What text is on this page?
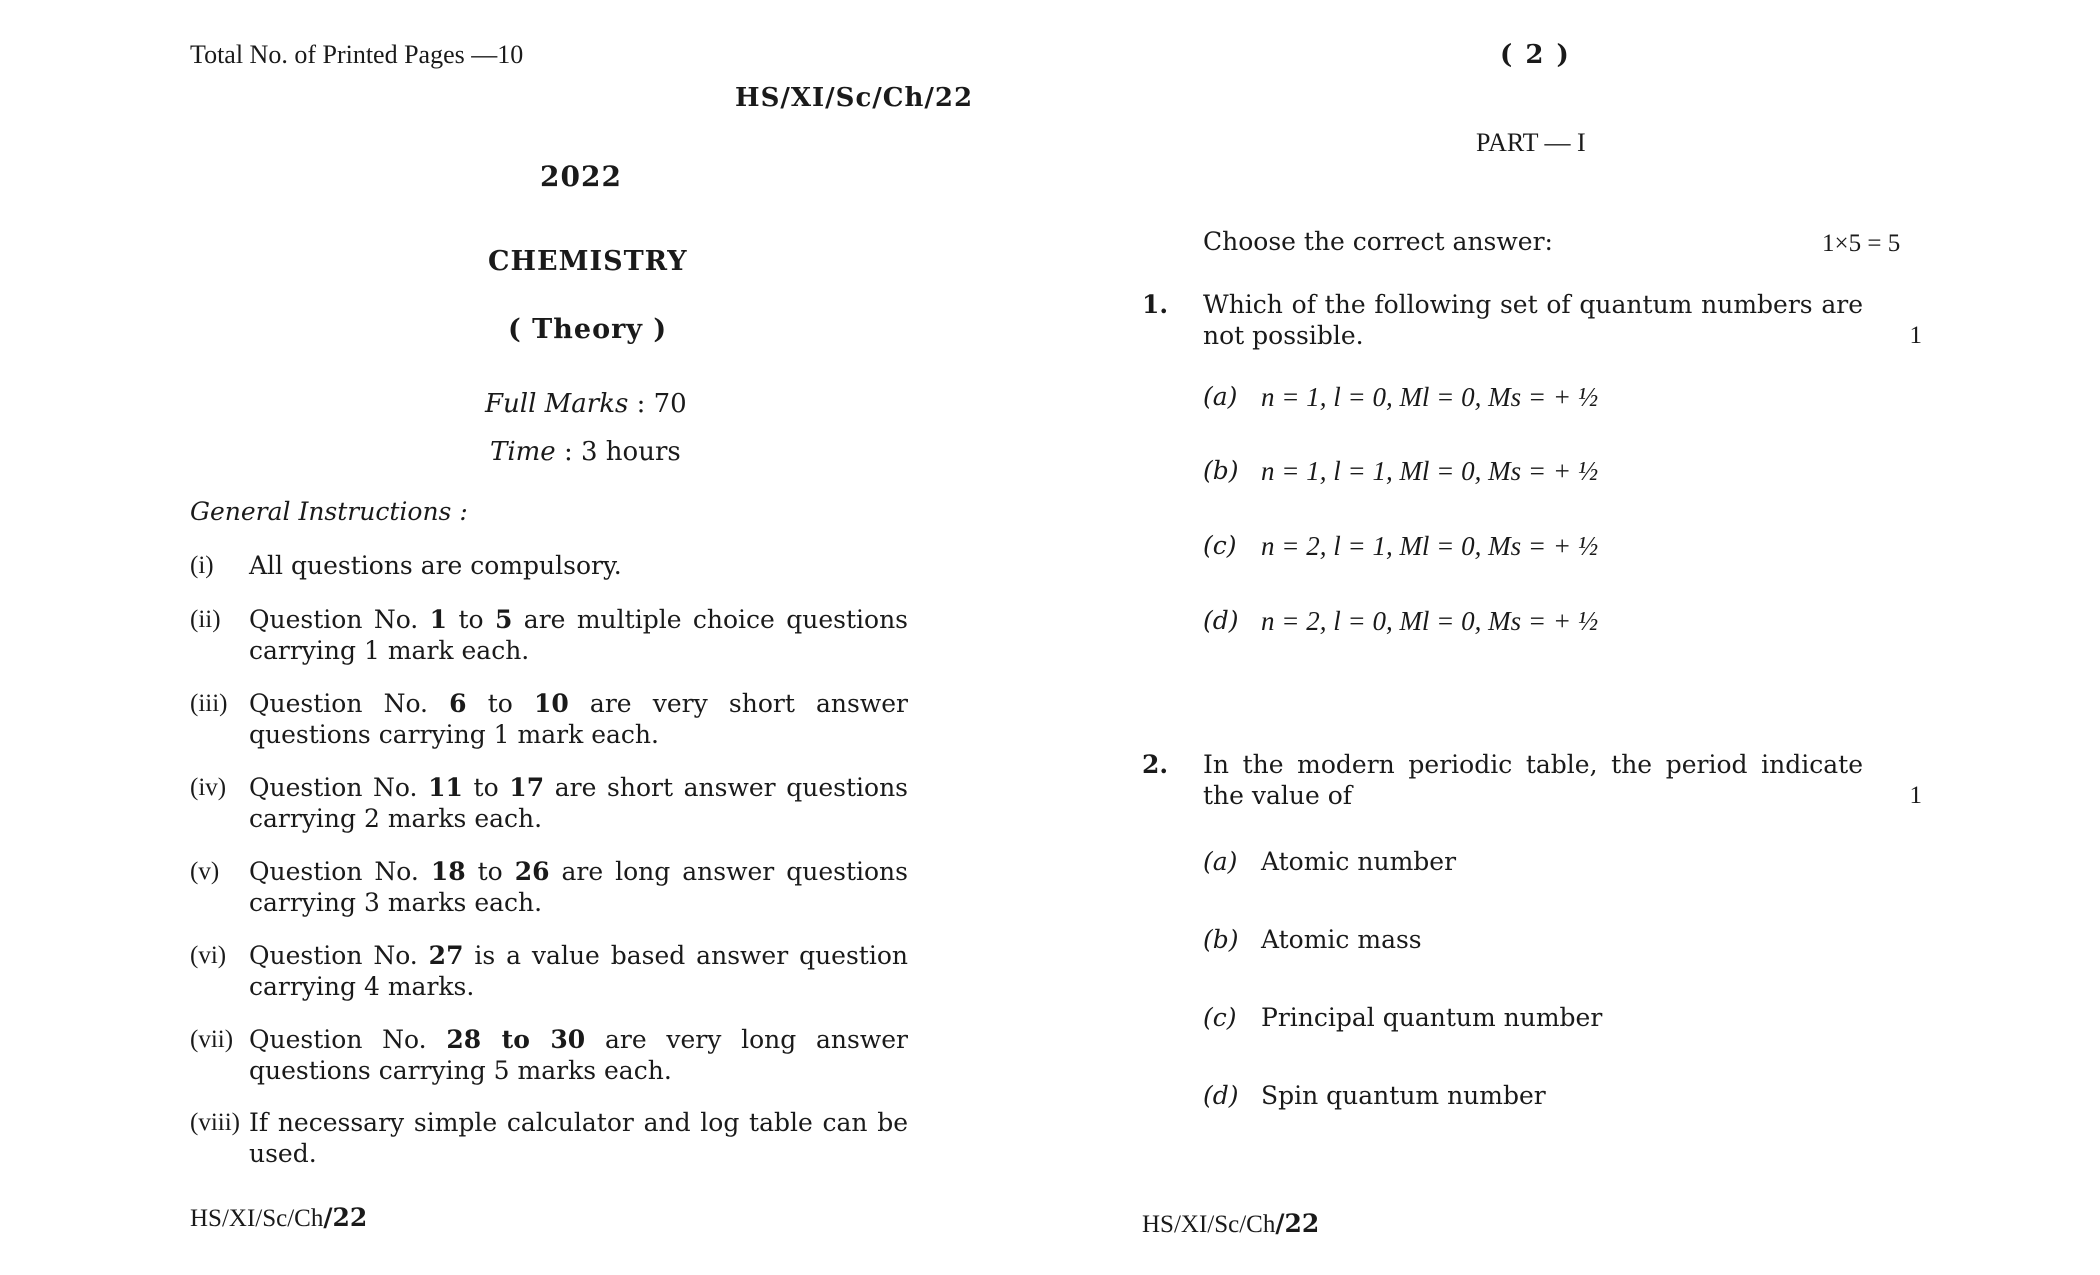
Total No. of Printed Pages —10
HS/XI/Sc/Ch/22
2022
CHEMISTRY
( Theory )
Full Marks : 70
Time : 3 hours
General Instructions :
(i) All questions are compulsory.
(ii) Question No. 1 to 5 are multiple choice questions carrying 1 mark each.
(iii) Question No. 6 to 10 are very short answer questions carrying 1 mark each.
(iv) Question No. 11 to 17 are short answer questions carrying 2 marks each.
(v) Question No. 18 to 26 are long answer questions carrying 3 marks each.
(vi) Question No. 27 is a value based answer question carrying 4 marks.
(vii) Question No. 28 to 30 are very long answer questions carrying 5 marks each.
(viii) If necessary simple calculator and log table can be used.
HS/XI/Sc/Ch/22
( 2 )
PART — I
Choose the correct answer:	1×5 = 5
1. Which of the following set of quantum numbers are not possible.	1
(a) n = 1, l = 0, Ml = 0, Ms = + ½
(b) n = 1, l = 1, Ml = 0, Ms = + ½
(c) n = 2, l = 1, Ml = 0, Ms = + ½
(d) n = 2, l = 0, Ml = 0, Ms = + ½
2. In the modern periodic table, the period indicate the value of	1
(a) Atomic number
(b) Atomic mass
(c) Principal quantum number
(d) Spin quantum number
HS/XI/Sc/Ch/22
